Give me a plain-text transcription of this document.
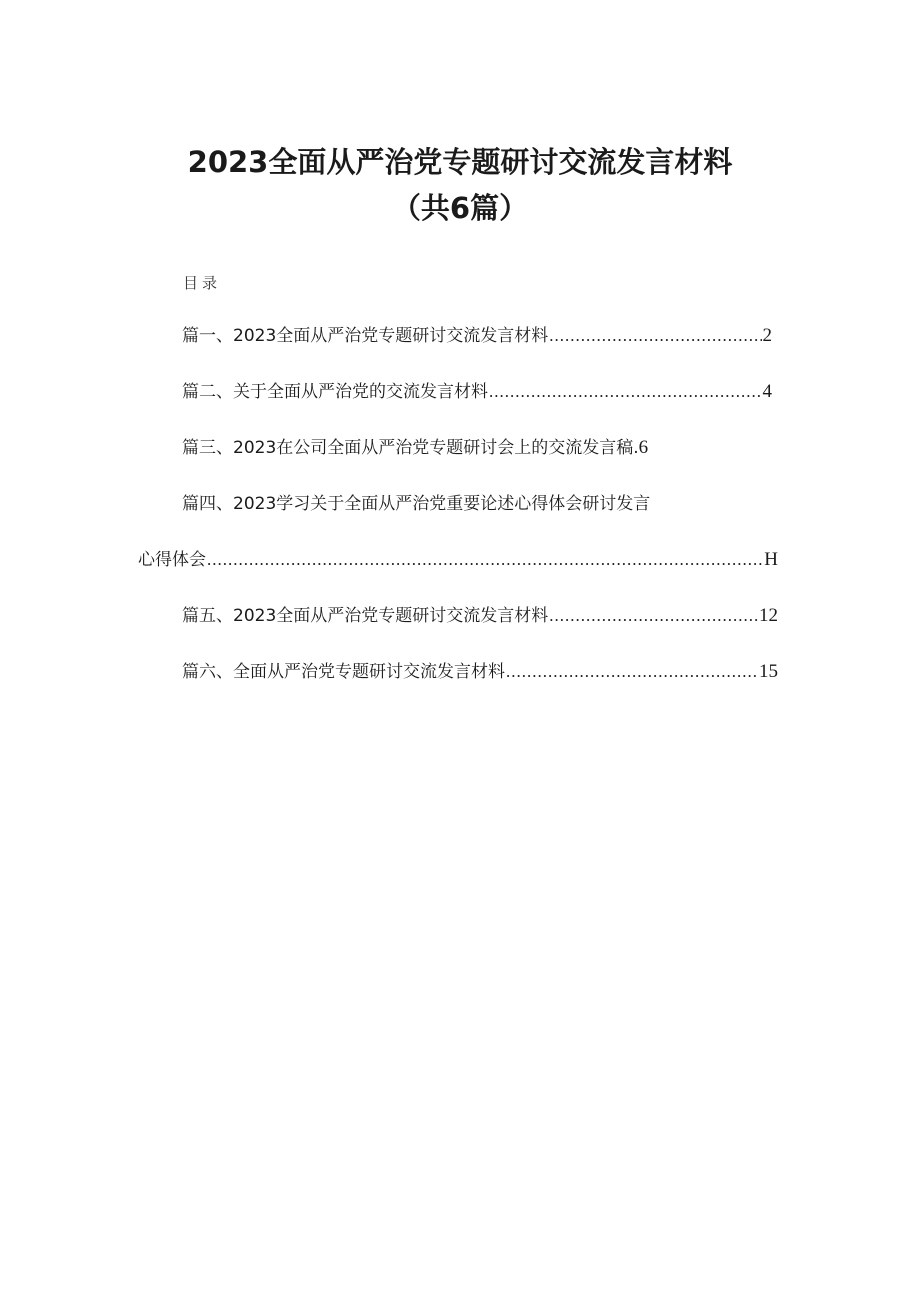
2023全面从严治党专题研讨交流发言材料
（共6篇）
目录
篇一、2023全面从严治党专题研讨交流发言材料 .....	2
篇二、关于全面从严治党的交流发言材料 .....	4
篇三、2023在公司全面从严治党专题研讨会上的交流发言稿. 6
篇四、2023学习关于全面从严治党重要论述心得体会研讨发言
心得体会 .....	H
篇五、2023全面从严治党专题研讨交流发言材料 .....	12
篇六、全面从严治党专题研讨交流发言材料 .....	15
